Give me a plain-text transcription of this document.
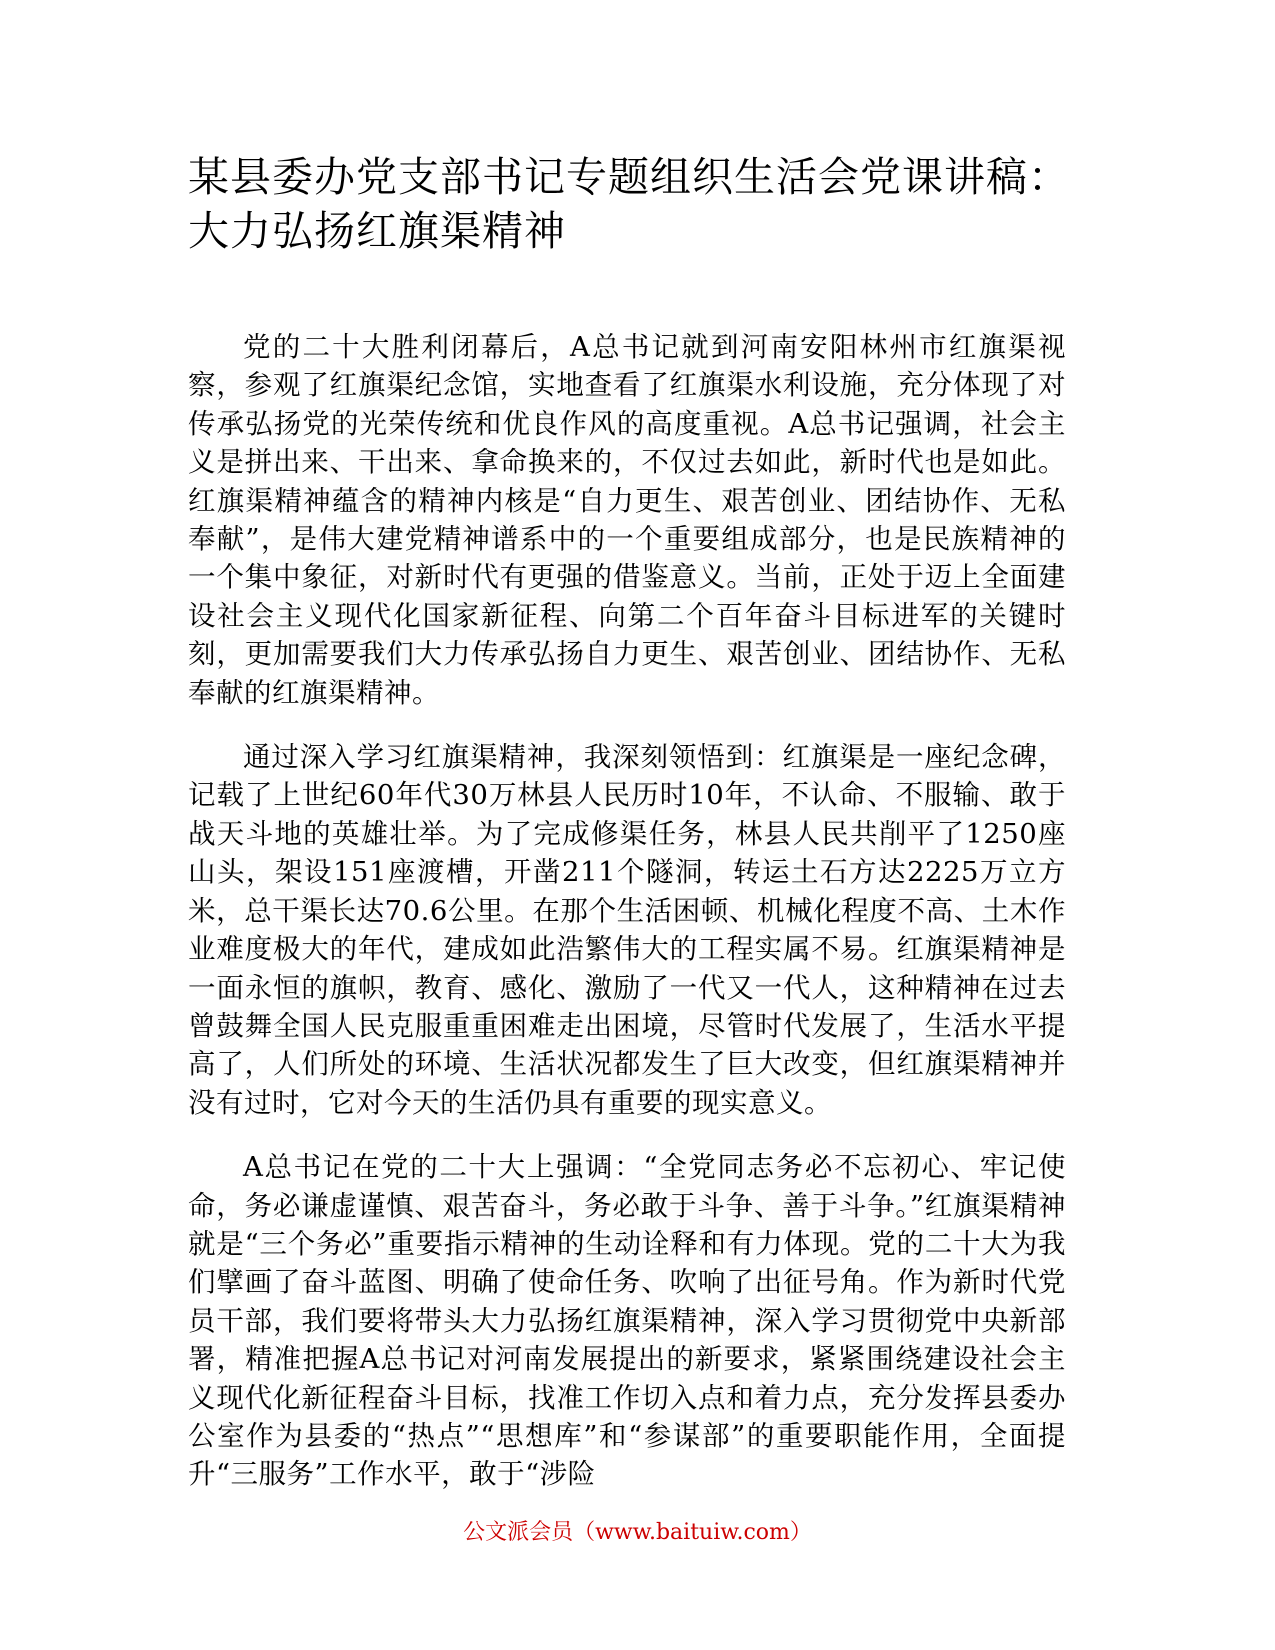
某县委办党支部书记专题组织生活会党课讲稿：
大力弘扬红旗渠精神

党的二十大胜利闭幕后，A总书记就到河南安阳林州市红旗渠视察，参观了红旗渠纪念馆，实地查看了红旗渠水利设施，充分体现了对传承弘扬党的光荣传统和优良作风的高度重视。A总书记强调，社会主义是拼出来、干出来、拿命换来的，不仅过去如此，新时代也是如此。红旗渠精神蕴含的精神内核是“自力更生、艰苦创业、团结协作、无私奉献”，是伟大建党精神谱系中的一个重要组成部分，也是民族精神的一个集中象征，对新时代有更强的借鉴意义。当前，正处于迈上全面建设社会主义现代化国家新征程、向第二个百年奋斗目标进军的关键时刻，更加需要我们大力传承弘扬自力更生、艰苦创业、团结协作、无私奉献的红旗渠精神。

通过深入学习红旗渠精神，我深刻领悟到：红旗渠是一座纪念碑，记载了上世纪60年代30万林县人民历时10年，不认命、不服输、敢于战天斗地的英雄壮举。为了完成修渠任务，林县人民共削平了1250座山头，架设151座渡槽，开凿211个隧洞，转运土石方达2225万立方米，总干渠长达70.6公里。在那个生活困顿、机械化程度不高、土木作业难度极大的年代，建成如此浩繁伟大的工程实属不易。红旗渠精神是一面永恒的旗帜，教育、感化、激励了一代又一代人，这种精神在过去曾鼓舞全国人民克服重重困难走出困境，尽管时代发展了，生活水平提高了，人们所处的环境、生活状况都发生了巨大改变，但红旗渠精神并没有过时，它对今天的生活仍具有重要的现实意义。

A总书记在党的二十大上强调：“全党同志务必不忘初心、牢记使命，务必谦虚谨慎、艰苦奋斗，务必敢于斗争、善于斗争。”红旗渠精神就是“三个务必”重要指示精神的生动诠释和有力体现。党的二十大为我们擘画了奋斗蓝图、明确了使命任务、吹响了出征号角。作为新时代党员干部，我们要将带头大力弘扬红旗渠精神，深入学习贯彻党中央新部署，精准把握A总书记对河南发展提出的新要求，紧紧围绕建设社会主义现代化新征程奋斗目标，找准工作切入点和着力点，充分发挥县委办公室作为县委的“热点”“思想库”和“参谋部”的重要职能作用，全面提升“三服务”工作水平，敢于“涉险

公文派会员（www.baituiw.com）
